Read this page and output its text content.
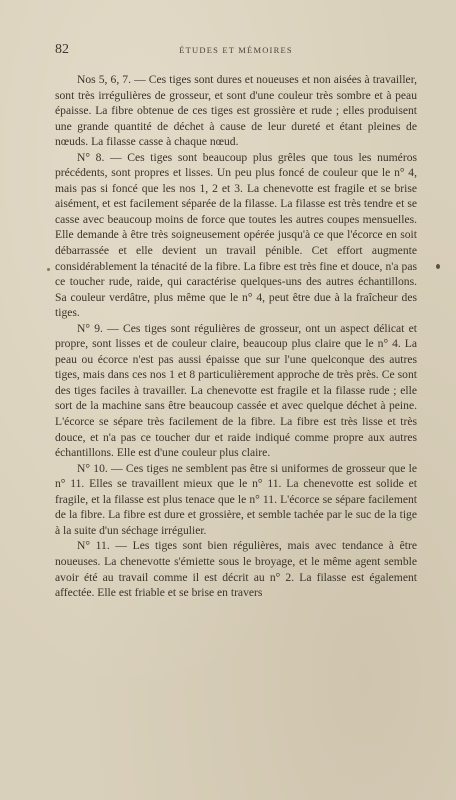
82	ÉTUDES ET MÉMOIRES

Nos 5, 6, 7. — Ces tiges sont dures et noueuses et non aisées à travailler, sont très irrégulières de grosseur, et sont d'une couleur très sombre et à peau épaisse. La fibre obtenue de ces tiges est grossière et rude ; elles produisent une grande quantité de déchet à cause de leur dureté et étant pleines de nœuds. La filasse casse à chaque nœud.

N° 8. — Ces tiges sont beaucoup plus grêles que tous les numéros précédents, sont propres et lisses. Un peu plus foncé de couleur que le n° 4, mais pas si foncé que les nos 1, 2 et 3. La chenevotte est fragile et se brise aisément, et est facilement séparée de la filasse. La filasse est très tendre et se casse avec beaucoup moins de force que toutes les autres coupes mensuelles. Elle demande à être très soigneusement opérée jusqu'à ce que l'écorce en soit débarrassée et elle devient un travail pénible. Cet effort augmente considérablement la ténacité de la fibre. La fibre est très fine et douce, n'a pas ce toucher rude, raide, qui caractérise quelques-uns des autres échantillons. Sa couleur verdâtre, plus même que le n° 4, peut être due à la fraîcheur des tiges.

N° 9. — Ces tiges sont régulières de grosseur, ont un aspect délicat et propre, sont lisses et de couleur claire, beaucoup plus claire que le n° 4. La peau ou écorce n'est pas aussi épaisse que sur l'une quelconque des autres tiges, mais dans ces nos 1 et 8 particulièrement approche de très près. Ce sont des tiges faciles à travailler. La chenevotte est fragile et la filasse rude ; elle sort de la machine sans être beaucoup cassée et avec quelque déchet à peine. L'écorce se sépare très facilement de la fibre. La fibre est très lisse et très douce, et n'a pas ce toucher dur et raide indiqué comme propre aux autres échantillons. Elle est d'une couleur plus claire.

N° 10. — Ces tiges ne semblent pas être si uniformes de grosseur que le n° 11. Elles se travaillent mieux que le n° 11. La chenevotte est solide et fragile, et la filasse est plus tenace que le n° 11. L'écorce se sépare facilement de la fibre. La fibre est dure et grossière, et semble tachée par le suc de la tige à la suite d'un séchage irrégulier.

N° 11. — Les tiges sont bien régulières, mais avec tendance à être noueuses. La chenevotte s'émiette sous le broyage, et le même agent semble avoir été au travail comme il est décrit au n° 2. La filasse est également affectée. Elle est friable et se brise en travers
